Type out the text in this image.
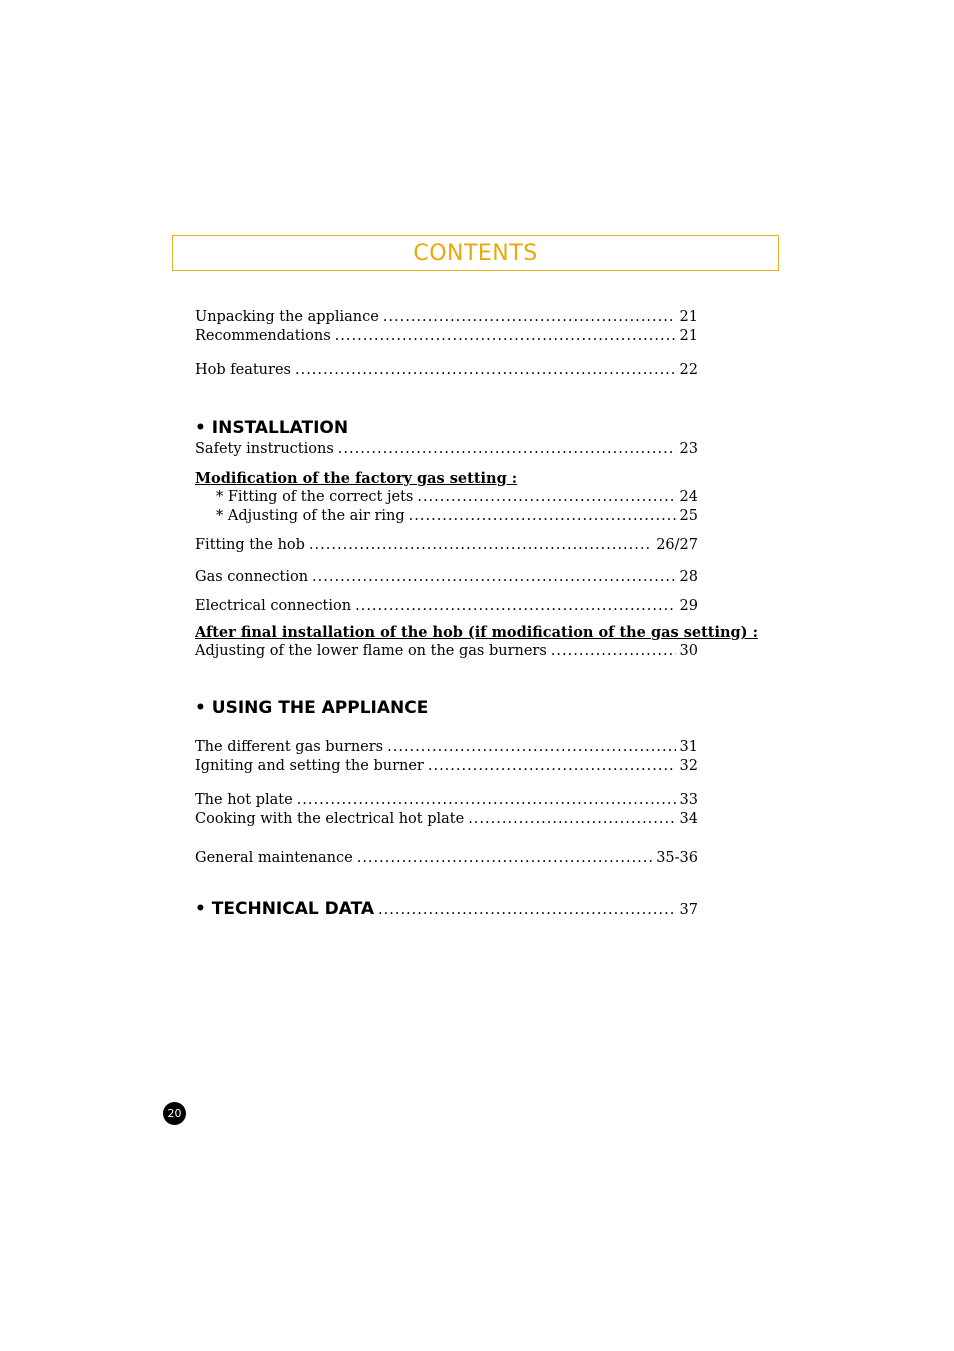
CONTENTS
Unpacking the appliance .....	21
Recommendations .....	21
Hob features .....	22
• INSTALLATION
Safety instructions .....	23
Modification of the factory gas setting :
* Fitting of the correct jets .....	24
* Adjusting of the air ring .....	25
Fitting the hob .....	26/27
Gas connection .....	28
Electrical connection .....	29
After final installation of the hob (if modification of the gas setting) :
Adjusting of the lower flame on the gas burners .....	30
• USING THE APPLIANCE
The different gas burners .....	31
Igniting and setting the burner .....	32
The hot plate .....	33
Cooking with the electrical hot plate .....	34
General maintenance .....	35-36
• TECHNICAL DATA .....	37
20
